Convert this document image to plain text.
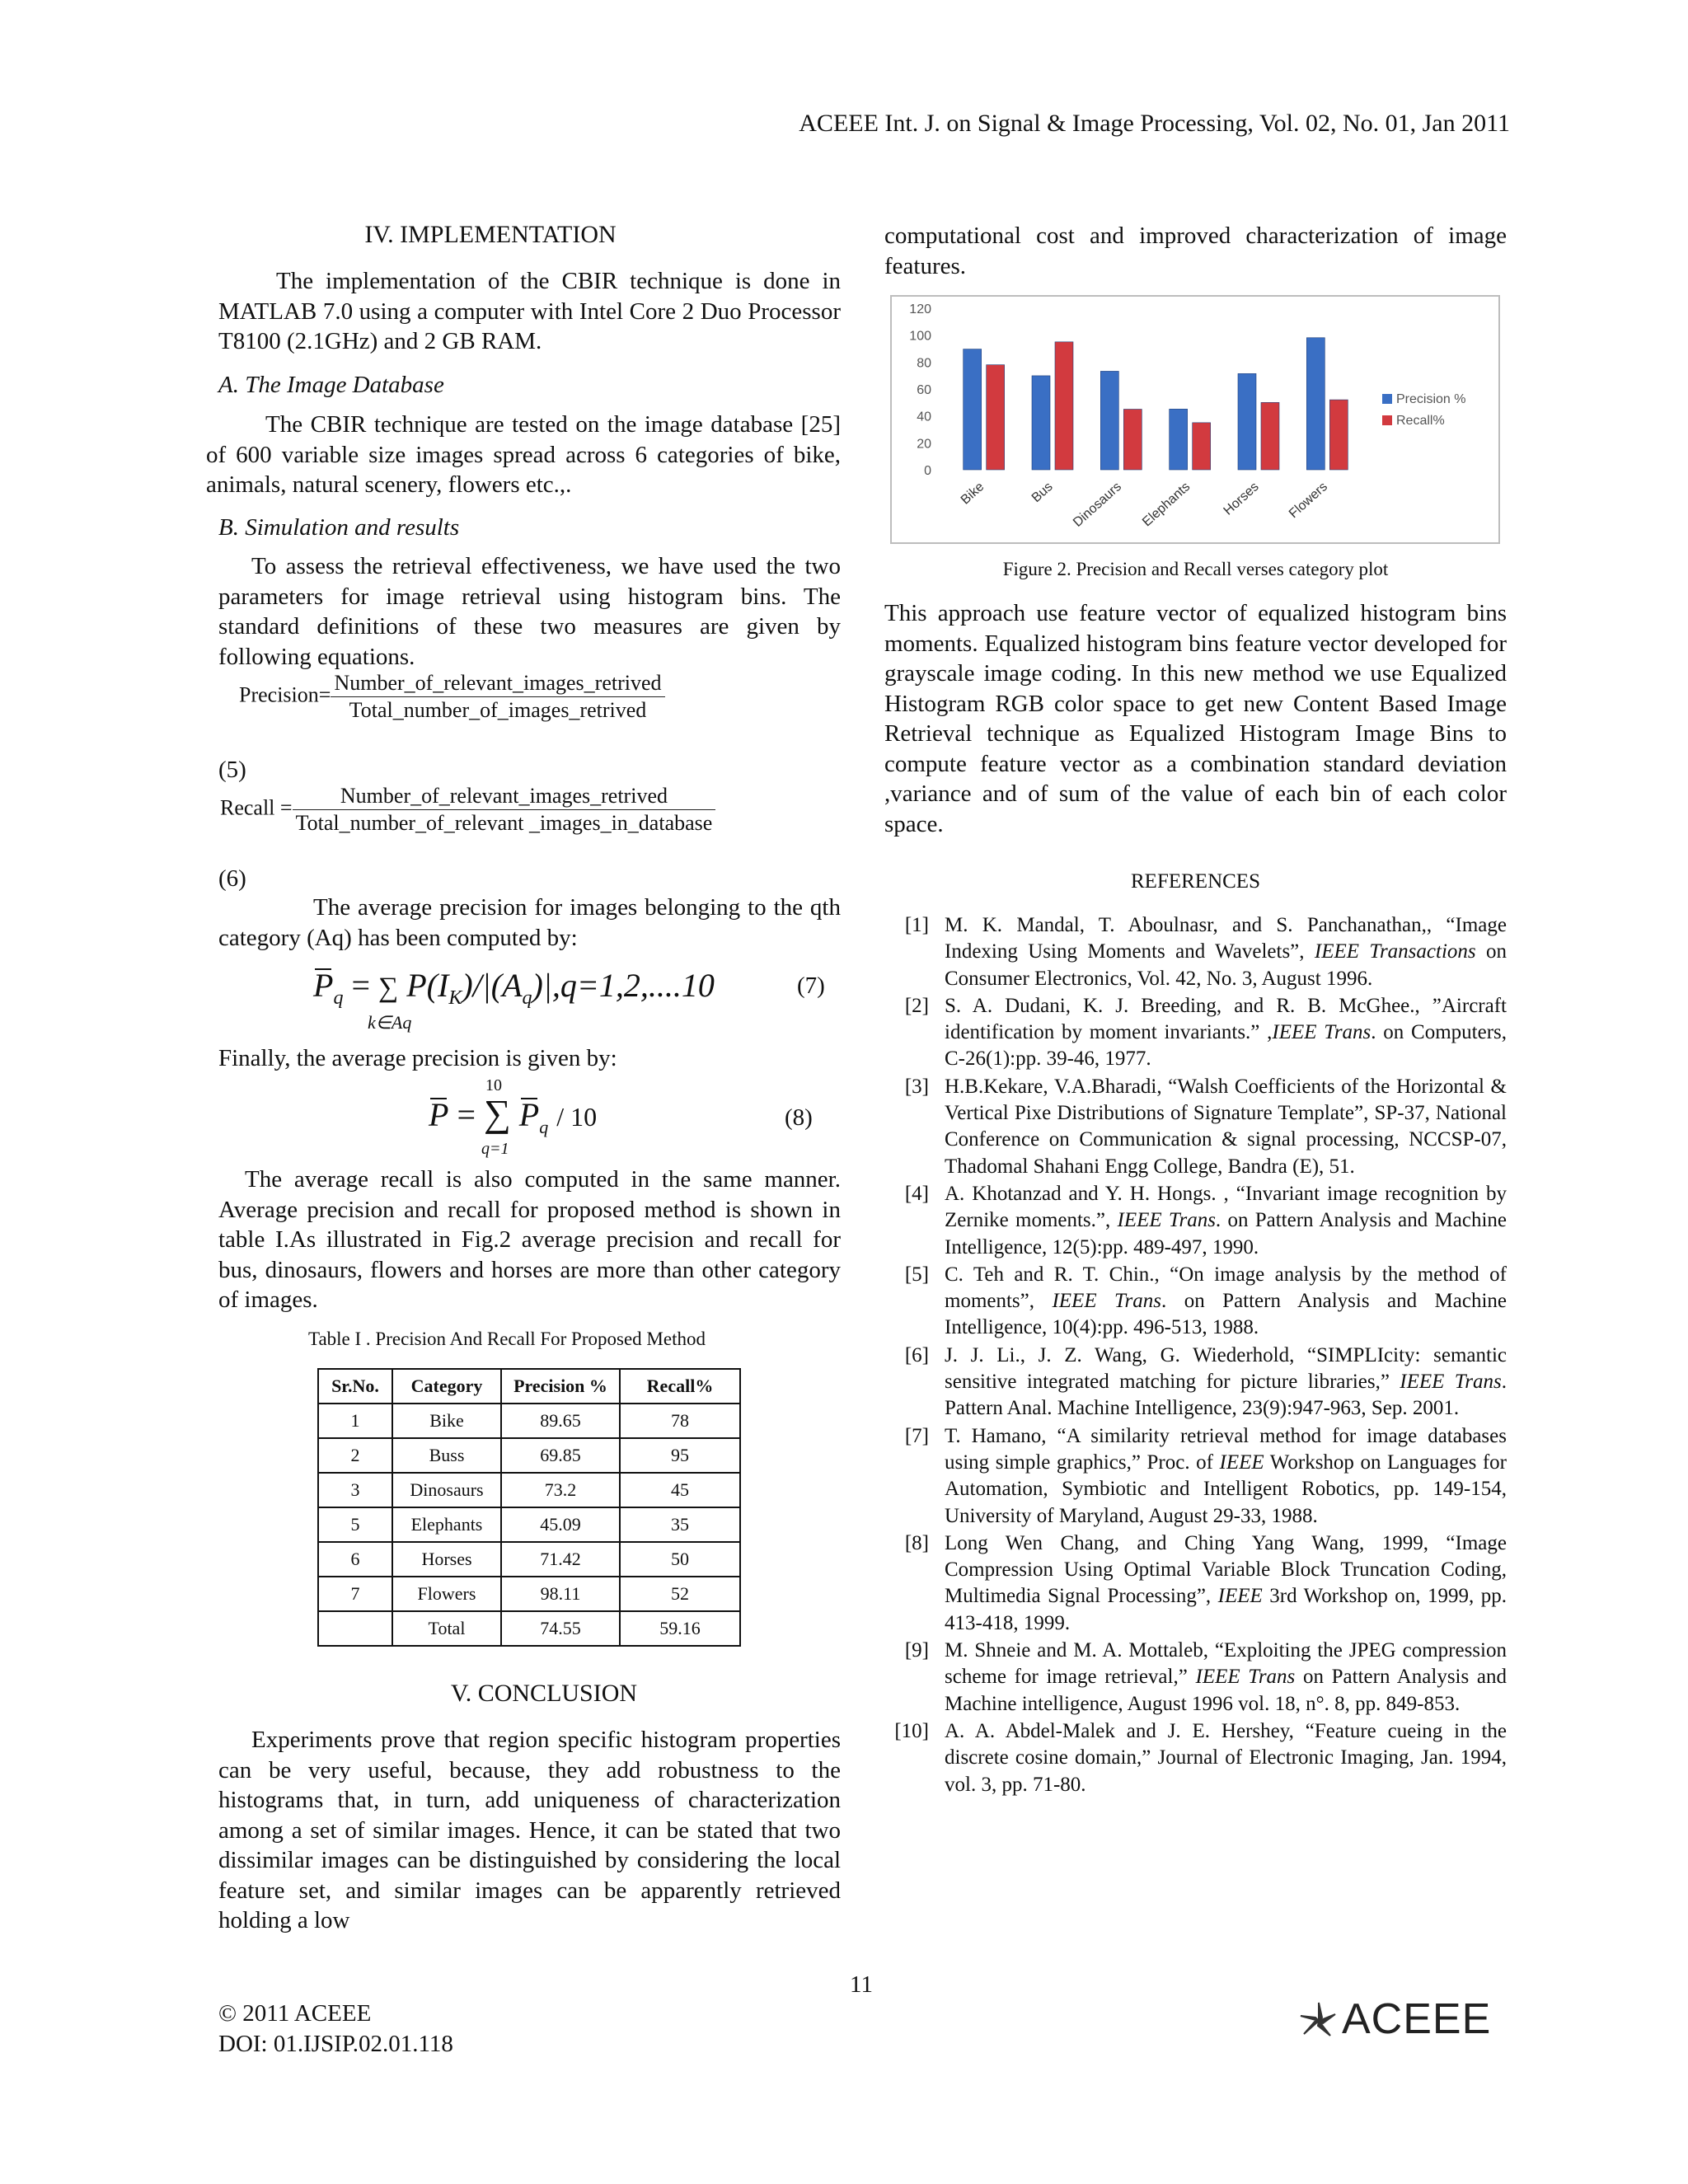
ACEEE Int. J. on Signal & Image Processing, Vol. 02, No. 01, Jan 2011
IV. IMPLEMENTATION
The implementation of the CBIR technique is done in MATLAB 7.0 using a computer with Intel Core 2 Duo Processor T8100 (2.1GHz) and 2 GB RAM.
A. The Image Database
The CBIR technique are tested on the image database [25] of 600 variable size images spread across 6 categories of bike, animals, natural scenery, flowers etc.,.
B. Simulation and results
To assess the retrieval effectiveness, we have used the two parameters for image retrieval using histogram bins. The standard definitions of these two measures are given by following equations.
Precision= $\frac{\text{Number\_of\_relevant\_images\_retrived}}{\text{Total\_number\_of\_images\_retrived}}$
(5)
Recall = $\frac{\text{Number\_of\_relevant\_images\_retrived}}{\text{Total\_number\_of\_relevant \_images\_in\_database}}$
(6)
The average precision for images belonging to the qth category (Aq) has been computed by:
$P_q$ = ∑ $P(I_K)/|(A_q)|,q=1,2,....10$
k∈Aq
(7)
Finally, the average precision is given by:
10
P = ∑ $P_q / 10$
q=1
(8)
The average recall is also computed in the same manner. Average precision and recall for proposed method is shown in table I.As illustrated in Fig.2 average precision and recall for bus, dinosaurs, flowers and horses are more than other category of images.
Table I . Precision And Recall For Proposed Method
Sr.No.	Category	Precision %	Recall%
1	Bike	89.65	78
2	Buss	69.85	95
3	Dinosaurs	73.2	45
5	Elephants	45.09	35
6	Horses	71.42	50
7	Flowers	98.11	52
	Total	74.55	59.16
V. CONCLUSION
Experiments prove that region specific histogram properties can be very useful, because, they add robustness to the histograms that, in turn, add uniqueness of characterization among a set of similar images. Hence, it can be stated that two dissimilar images can be distinguished by considering the local feature set, and similar images can be apparently retrieved holding a low
computational cost and improved characterization of image features.
0
20
40
60
80
100
120
Bike	Bus Dinosaurs Elephants Horses Flowers
Precision %
Recall%
Figure 2. Precision and Recall verses category plot
This approach use feature vector of equalized histogram bins moments. Equalized histogram bins feature vector developed for grayscale image coding. In this new method we use Equalized Histogram RGB color space to get new Content Based Image Retrieval technique as Equalized Histogram Image Bins to compute feature vector as a combination standard deviation ,variance and of sum of the value of each bin of each color space.
REFERENCES
[1] M. K. Mandal, T. Aboulnasr, and S. Panchanathan,, “Image Indexing Using Moments and Wavelets”, IEEE Transactions on Consumer Electronics, Vol. 42, No. 3, August 1996.
[2] S. A. Dudani, K. J. Breeding, and R. B. McGhee., ”Aircraft identification by moment invariants.” ,IEEE Trans. on Computers, C-26(1):pp. 39-46, 1977.
[3] H.B.Kekare, V.A.Bharadi, “Walsh Coefficients of the Horizontal & Vertical Pixe Distributions of Signature Template”, SP-37, National Conference on Communication & signal processing, NCCSP-07, Thadomal Shahani Engg College, Bandra (E), 51.
[4] A. Khotanzad and Y. H. Hongs. , “Invariant image recognition by Zernike moments.”, IEEE Trans. on Pattern Analysis and Machine Intelligence, 12(5):pp. 489-497, 1990.
[5] C. Teh and R. T. Chin., “On image analysis by the method of moments”, IEEE Trans. on Pattern Analysis and Machine Intelligence, 10(4):pp. 496-513, 1988.
[6] J. J. Li., J. Z. Wang, G. Wiederhold, “SIMPLIcity: semantic sensitive integrated matching for picture libraries,” IEEE Trans. Pattern Anal. Machine Intelligence, 23(9):947-963, Sep. 2001.
[7] T. Hamano, “A similarity retrieval method for image databases using simple graphics,” Proc. of IEEE Workshop on Languages for Automation, Symbiotic and Intelligent Robotics, pp. 149-154, University of Maryland, August 29-33, 1988.
[8] Long Wen Chang, and Ching Yang Wang, 1999, “Image Compression Using Optimal Variable Block Truncation Coding, Multimedia Signal Processing”, IEEE 3rd Workshop on, 1999, pp. 413-418, 1999.
[9] M. Shneie and M. A. Mottaleb, “Exploiting the JPEG compression scheme for image retrieval,” IEEE Trans on Pattern Analysis and Machine intelligence, August 1996 vol. 18, n°. 8, pp. 849-853.
[10] A. A. Abdel-Malek and J. E. Hershey, “Feature cueing in the discrete cosine domain,” Journal of Electronic Imaging, Jan. 1994, vol. 3, pp. 71-80.
11
© 2011 ACEEE
DOI: 01.IJSIP.02.01.118
ACEEE
